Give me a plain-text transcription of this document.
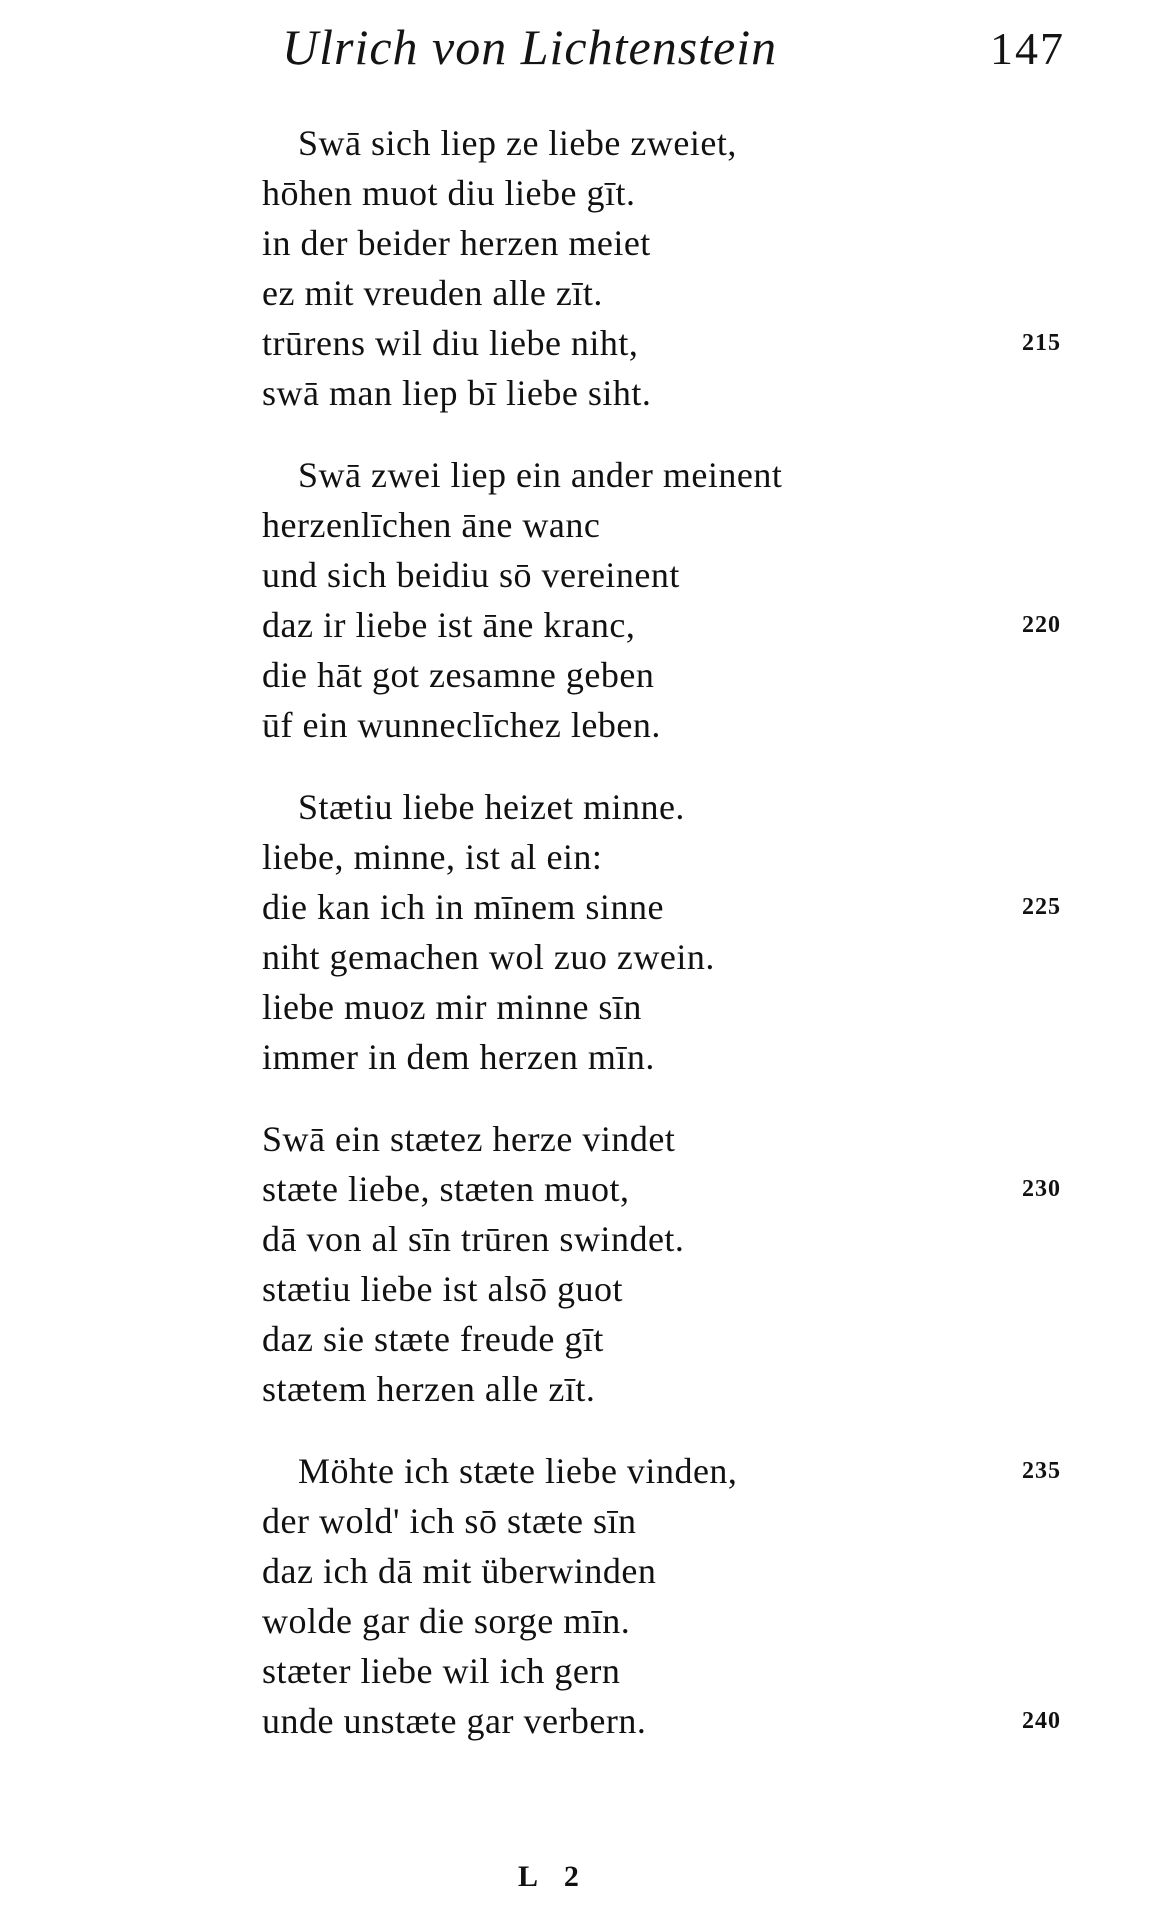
Ulrich von Lichtenstein	147
Swā sich liep ze liebe zweiet,
hōhen muot diu liebe gīt.
in der beider herzen meiet
ez mit vreuden alle zīt.
trūrens wil diu liebe niht,	215
swā man liep bī liebe siht.
Swā zwei liep ein ander meinent
herzenlīchen āne wanc
und sich beidiu sō vereinent
daz ir liebe ist āne kranc,	220
die hāt got zesamne geben
ūf ein wunneclīchez leben.
Stætiu liebe heizet minne.
liebe, minne, ist al ein:
die kan ich in mīnem sinne	225
niht gemachen wol zuo zwein.
liebe muoz mir minne sīn
immer in dem herzen mīn.
Swā ein stætez herze vindet
stæte liebe, stæten muot,	230
dā von al sīn trūren swindet.
stætiu liebe ist alsō guot
daz sie stæte freude gīt
stætem herzen alle zīt.
Möhte ich stæte liebe vinden,	235
der wold' ich sō stæte sīn
daz ich dā mit überwinden
wolde gar die sorge mīn.
stæter liebe wil ich gern
unde unstæte gar verbern.	240
L 2
